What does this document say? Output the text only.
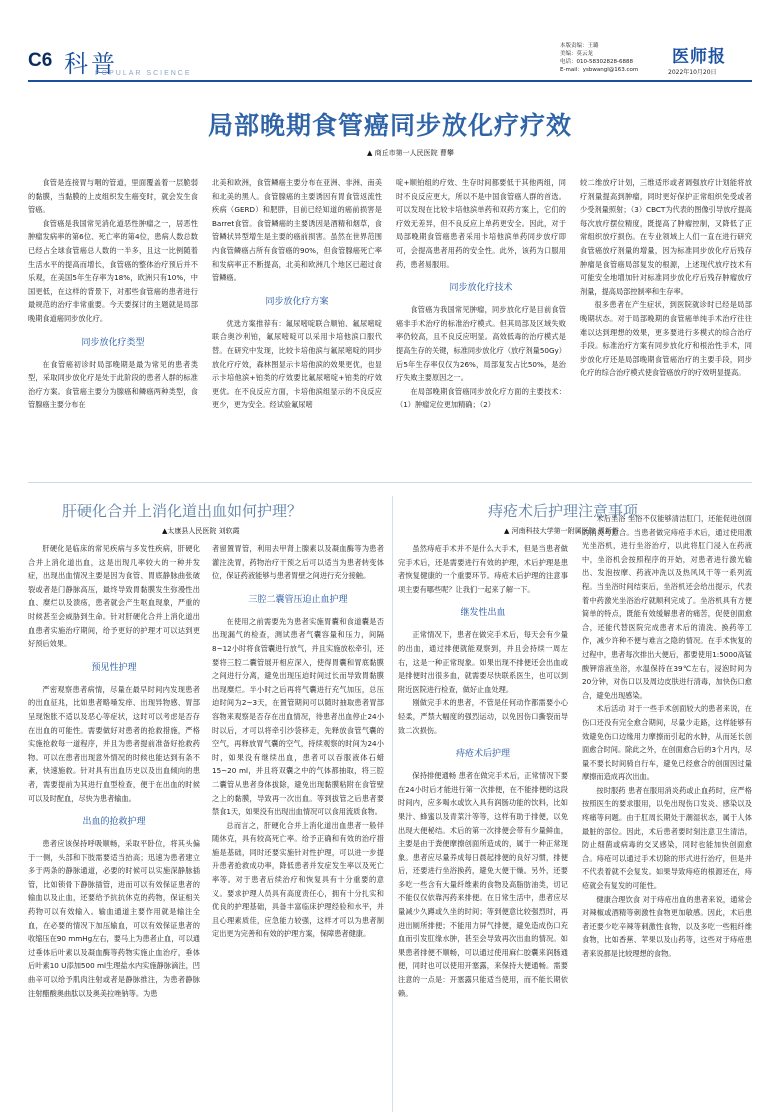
C6 科普
POPULAR SCIENCE
本版责编：王璐
美编：莫云龙
电话：010-58302828-6888
E-mail：ysbwangl@163.com
医师报
2022年10月20日
局部晚期食管癌同步放化疗疗效
▲ 商丘市第一人民医院 曹攀

食管是连接胃与咽的管道，里面覆盖着一层脆弱的黏膜，当黏膜的上皮组织发生癌变时，就会发生食管癌。

食管癌是我国常见消化道恶性肿瘤之一，居恶性肿瘤发病率的第6位、死亡率的第4位，患病人数总数已经占全球食管癌总人数的一半多，且这一比例随着生活水平的提高而增长，食管癌的整体治疗预后并不乐观，在美国5年生存率为18%，欧洲只有10%，中国更低，在这样的背景下，对那些食管癌的患者进行最规范的治疗非常重要。今天要探讨的主题就是局部晚期食道癌同步放化疗。

同步放化疗类型

在食管癌初诊时局部晚期是最为常见的患者类型，采取同步放化疗是处于此阶段的患者人群的标准治疗方案。食管癌主要分为腺癌和鳞癌两种类型，食管腺癌主要分布在

北美和欧洲，食管鳞癌主要分布在亚洲、非洲、南美和北美的黑人。食管腺癌的主要诱因有胃食管返流性疾病（GERD）和肥胖，目前已经知道的癌前损害是Barret食管。食管鳞癌的主要诱因是酒精和烟草，食管鳞状异型增生是主要的癌前损害。虽然在世界范围内食管鳞癌占所有食管癌的90%，但食管腺癌死亡率和发病率正不断提高，北美和欧洲几个地区已超过食管鳞癌。

同步放化疗方案

优选方案推荐有：氟尿嘧啶联合顺铂、氟尿嘧啶联合奥沙利铂，氟尿嘧啶可以采用卡培他滨口服代替。在研究中发现，比较卡培他滨与氟尿嘧啶的同步放化疗疗效，森林图显示卡培他滨的效果更优，也显示卡培他滨+铂类的疗效要比氟尿嘧啶+铂类的疗效更优。在不良反应方面，卡培他滨组显示的不良反应更少，更为安全。经试验氟尿嘧

啶+顺铂组的疗效、生存时间都要低于其他两组，同时不良反应更大，所以不是中国食管癌人群的首选。可以发现在比较卡培他滨单药和双药方案上，它们的疗效无差异，但不良反应上单药更安全。因此，对于局部晚期食管癌患者采用卡培他滨单药同步放疗即可，会提高患者用药的安全性。此外，该药为口服用药，患者易服用。

同步放化疗技术

食管癌为我国常见肿瘤，同步放化疗是目前食管癌非手术治疗的标准治疗模式。但其局部及区域失败率仍较高，且不良反应明显。高效低毒的治疗模式是提高生存的关键，标准同步放化疗（放疗剂量50Gy）后5年生存率仅仅为26%，局部复发占比50%，是治疗失败主要原因之一。

在局部晚期食管癌同步放化疗方面的主要技术：（1）肿瘤定位更加精确；（2）

较二维放疗计划，三维适形或者调强放疗计划能将放疗剂量提高到肿瘤，同时更好保护正常组织免受或者少受剂量照射；（3）CBCT为代表的图像引导放疗提高每次放疗摆位精度，既提高了肿瘤控制，又降低了正常组织放疗损伤。在专业领域上人们一直在进行研究食管癌放疗剂量的增量，因为标准同步放化疗后残存肿瘤是食管癌局部复发的根源，上述现代放疗技术有可能安全地增加针对标准同步放化疗后残存肿瘤放疗剂量，提高局部控制率和生存率。

很多患者在产生症状，到医院就诊时已经是局部晚期状态。对于局部晚期的食管癌单纯手术治疗往往难以达到理想的效果，更多要进行多模式的综合治疗手段。标准治疗方案有同步放化疗和根治性手术，同步放化疗还是局部晚期食管癌治疗的主要手段，同步化疗的综合治疗模式使食管癌放疗的疗效明显提高。

肝硬化合并上消化道出血如何护理？
▲太康县人民医院 刘软霞

肝硬化是临床的常见疾病与多发性疾病，肝硬化合并上消化道出血，这是出现几率较大的一种并发症，出现出血情况主要是因为食管、胃底静脉曲张破裂或者是门静脉高压，最终导致胃黏膜发生弥漫性出血、糜烂以及溃疡，患者就会产生呕血现象，严重的时候甚至会威胁到生命。针对肝硬化合并上消化道出血患者实施治疗期间，给予更好的护理才可以达到更好预后效果。

预见性护理

严密观察患者病情，尽量在最早时间内发现患者的出血征兆，比如患者略嗓发痒、出现异物感、胃部呈现饱胀不适以及恶心等症状，这时可以考虑是否存在出血的可能性。需要做好对患者的抢救措施，严格实施抢救每一道程序，并且为患者提前准备好抢救药物。可以在患者出现意外情况的时候也能达到有条不紊，快速施救。针对具有出血历史以及出血倾向的患者，需要提前为其进行血型检查，便于在出血的时候可以及时配血，尽快为患者输血。

出血的抢救护理

患者应该保持呼吸顺畅，采取平卧位，将其头偏于一侧，头部和下肢需要适当抬高；迅速为患者建立多于两条的静脉通道，必要的时候可以实施深静脉插管，比如锁骨下静脉插管，进而可以有效保证患者的输血以及止血，还要给予抗抗休克的药物，保证相关药物可以有效输入。输血通道主要作用就是输注全血，在必要的情况下加压输血，可以有效保证患者的收缩压在90 mmHg左右，要马上为患者止血，可以通过垂体后叶素以及凝血酶等药物实施止血治疗，垂体后叶素10 U添加500 ml生理盐水内实施静脉滴注，凹曲辛可以给予肌肉注射或者是静脉推注，为患者静脉注射醋酸奥曲肽以及奥美拉唑钠等。为患

者留置胃管，利用去甲肾上腺素以及凝血酶等为患者灌注洗胃，药物治疗干预之后可以适当为患者转变体位，保证药液能够与患者胃壁之间进行充分接触。

三腔二囊管压迫止血护理

在使用之前需要先为患者实施胃囊和食道囊是否出现漏气的检查，测试患者气囊容量和压力，间隔8~12小时将食管囊进行放气，并且实施放松牵引，还要将三腔二囊管展开相应深入，使得胃囊和胃底黏膜之间进行分离，避免出现压迫时间过长而导致胃黏膜出现糜烂。半小时之后再将气囊进行充气加压，总压迫时间为2~3天，在置管期间可以随时抽取患者胃部容物来观察是否存在出血情况，待患者出血停止24小时以后，才可以将牵引沙袋移走，先释放食管气囊的空气，再释放胃气囊的空气，持续观察的时间为24小时，如果没有继续出血，患者可以吞服液体石蜡15~20 ml，并且将双囊之中的气体都抽取，将三腔二囊管从患者身体拔除，避免出现黏膜粘附在食管壁之上的黏膜，导致再一次出血。等到拔管之后患者要禁食1天，如果没有出现出血情况可以食用流质食物。

总而言之，肝硬化合并上消化道出血患者一般伴随休克，具有较高死亡率。给予正确和有效的治疗措施是基础，同时还要实施针对性护理，可以进一步提升患者抢救成功率，降低患者并发症发生率以及死亡率等。对于患者后续治疗和恢复具有十分重要的意义。要求护理人员具有高度责任心，拥有十分扎实和优良的护理基础，具备丰富临床护理经验和水平，并且心理素质佳，应急能力较强，这样才可以为患者制定出更为完善和有效的护理方案，保障患者健康。

痔疮术后护理注意事项
▲ 河南科技大学第一附属医院 周新哲

虽然痔疮手术并不是什么大手术，但是当患者做完手术后，还是需要进行有效的护理，术后护理是患者恢复健康的一个重要环节。痔疮术后护理的注意事项主要有哪些呢？让我们一起来了解一下。

继发性出血

正常情况下，患者在做完手术后，每天会有少量的出血，通过排便就能观察到，并且会持续一周左右，这是一种正常现象。如果出现不排便还会出血或是排便时出很多血，就需要尽快联系医生，也可以到附近医院进行检查，做好止血处理。

刚做完手术的患者，不管是任何动作都需要小心轻柔，严禁大幅度的强烈运动，以免因伤口撕裂而导致二次损伤。

痔疮术后护理

保持排便通畅 患者在做完手术后，正常情况下要在24小时后才能进行第一次排便，在不能排便的这段时间内，应多喝水或饮入具有润肠功能的饮料，比如果汁、蜂蜜以及青菜汁等等，这样有助于排便，以免出现大便秘结。术后的第一次排便会带有少量鲜血，主要是由于粪便摩擦创面所造成的，属于一种正常现象。患者应尽量养成每日晨起排便的良好习惯，排便后，还要进行坐浴换药，避免大便干燥。另外，还要多吃一些含有大量纤维素的食物及高脂肪油类，切记不能仅仅依靠泻药来排便。在日常生活中，患者应尽量减少久蹲或久坐的时间；等到便意比较强烈时，再进出厕所排便；不能用力屏气排便，避免造成伤口充血而引发肛缘水肿，甚至会导致再次出血的情况。如果患者排便不顺畅，可以通过使用麻仁胶囊来润肠通便，同时也可以使用开塞露，来保持大便通畅。需要注意的一点是：开塞露只能适当使用，而不能长期依赖。

术后坐浴 坐浴不仅能够清洁肛门，还能促进创面的消炎与愈合。当患者做完痔疮手术后，通过使用激光坐浴机，进行坐浴治疗，以此将肛门浸入在药液中，坐浴机会按照程序的开始，对患者进行激光输出、发泡按摩、药液冲洗以及热风风干等一系列流程。当坐浴时间结束后，坐浴机还会给出提示，代表着中药激光坐浴治疗就顺利完成了。坐浴机具有方便简单的特点，既能有效缓解患者的痛苦，促使创面愈合，还能代替医院完成患者术后的清洗、换药等工作，减少许种不便与难言之隐的情况。在手术恢复的过程中，患者每次排出大便后，都要使用1:5000高锰酸钾溶液坐浴，水温保持在39℃左右，浸泡时间为20分钟，对伤口以及周边皮肤进行清毒，加快伤口愈合，避免出现感染。

术后活动 对于一些手术创面较大的患者来说，在伤口还没有完全愈合期间，尽量少走路，这样能够有效避免伤口边缘用力摩擦而引起的水肿，从而延长创面愈合时间。除此之外，在创面愈合后的3个月内，尽量不要长时间骑自行车，避免已经愈合的创面因过量摩擦而造成再次出血。

按时服药 患者在服用消炎药或止血药时，应严格按照医生的要求服用，以免出现伤口发炎、感染以及疼痛等问题。由于肛周长期处于潮湿状态，属于人体最脏的部位。因此，术后患者要时刻注意卫生清洁，防止细菌或病毒的交叉感染，同时也能加快创面愈合。痔疮可以通过手术切除的形式进行治疗，但是并不代表着就不会复发。如果导致痔疮的根源还在，痔疮就会有复发的可能性。

健康合理饮食 对于痔疮出血的患者来说，通常会对辣椒或酒精等刺激性食物更加敏感。因此，术后患者还要少吃辛辣等刺激性食物，以及多吃一些粗纤维食物，比如香蕉、苹果以及山药等，这些对于痔疮患者来说都是比较理想的食物。
